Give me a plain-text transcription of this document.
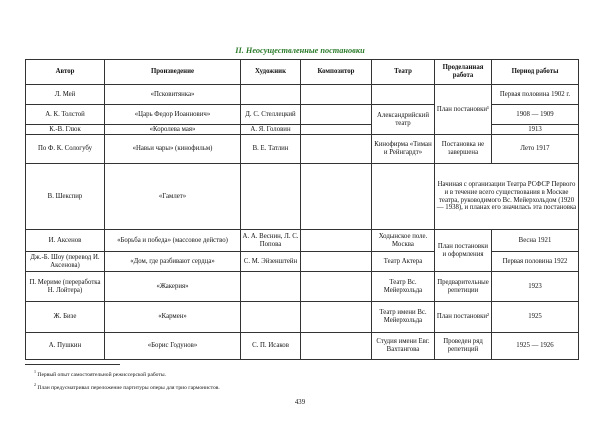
II. Неосуществленные постановки
Автор	Произведение	Художник	Композитор	Театр	Проделанная работа	Период работы
Л. Мей	«Псковитянка»				План постановки¹	Первая половина 1902 г.
А. К. Толстой	«Царь Федор Иоаннович»	Д. С. Стеллецкий		Александрийский театр		1908 — 1909
К.-В. Глюк	«Королева мая»	А. Я. Головин				1913
По Ф. К. Сологубу	«Навьи чары» (кинофильм)	В. Е. Татлин		Кинофирма «Тиман и Рейнгардт»	Постановка не завершена	Лето 1917
В. Шекспир	«Гамлет»				Начиная с организации Театра РСФСР Первого и в течение всего существования в Москве театра, руководимого Вс. Мейерхольдом (1920 — 1938), и планах его значилась эта постановка	
И. Аксенов	«Борьба и победа» (массовое действо)	А. А. Веснин, Л. С. Попова		Ходынское поле. Москва	План постановки и оформления	Весна 1921
Дж.-Б. Шоу (перевод И. Аксенова)	«Дом, где разбивают сердца»	С. М. Эйзенштейн		Театр Актера		Первая половина 1922
П. Мериме (переработка Н. Лойтера)	«Жакерия»			Театр Вс. Мейерхольда	Предварительные репетиции	1923
Ж. Бизе	«Кармен»			Театр имени Вс. Мейерхольда	План постановки²	1925
А. Пушкин	«Борис Годунов»	С. П. Исаков		Студия имени Евг. Вахтангова	Проведен ряд репетиций	1925 — 1926
$^1$ Первый опыт самостоятельной режиссерской работы.
$^2$ План предусматривал переложение партитуры оперы для трио гармонистов.
439
